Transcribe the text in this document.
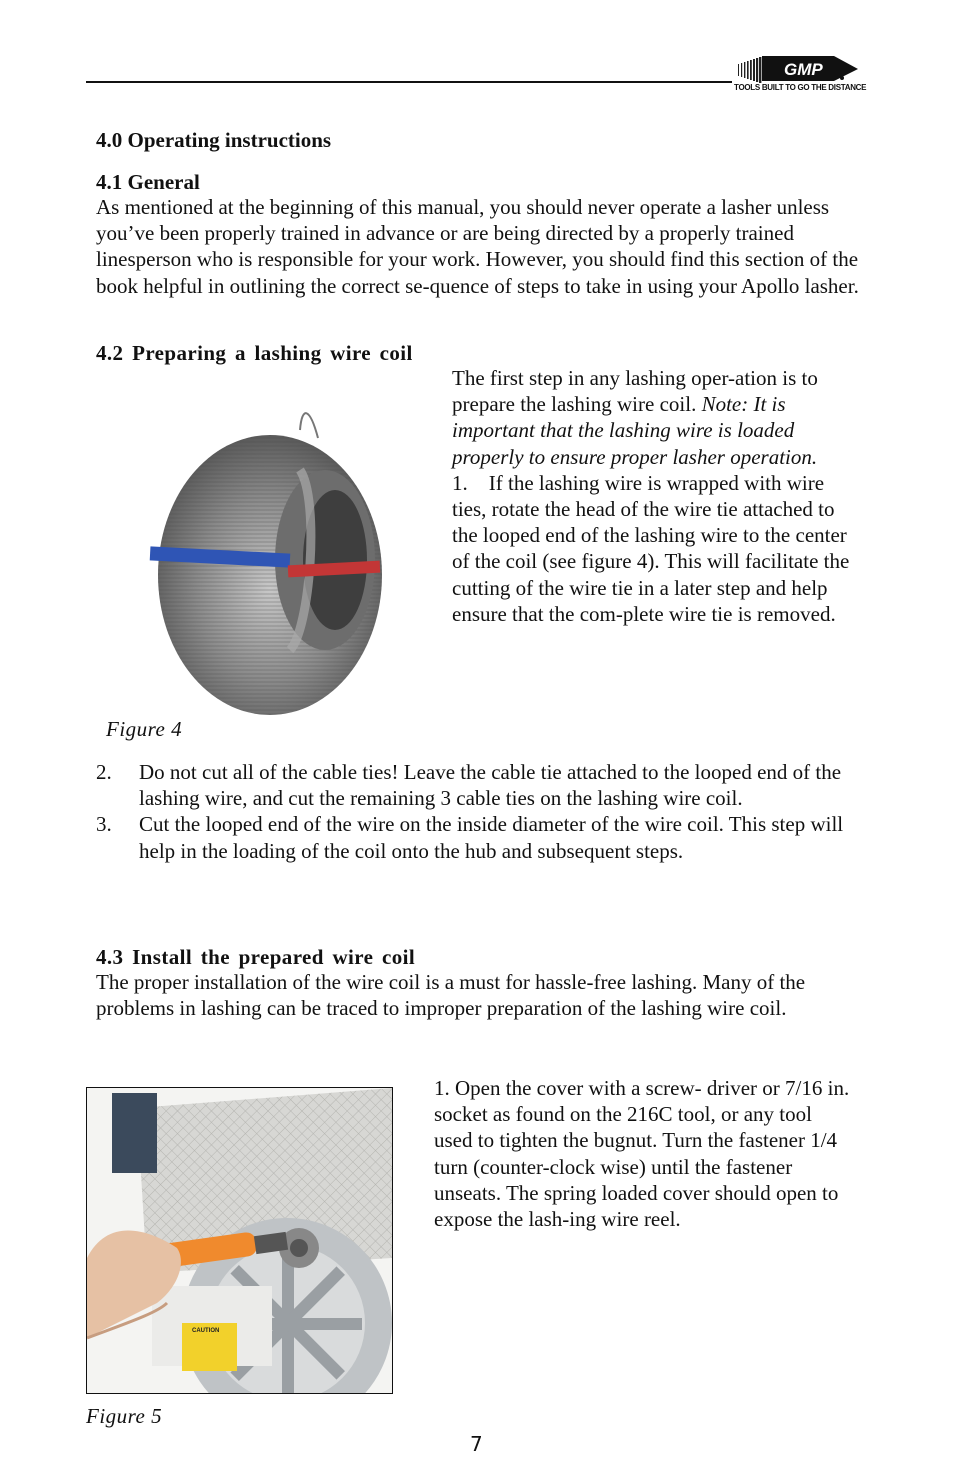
GMP
TOOLS BUILT TO GO THE DISTANCE
4.0 Operating instructions
4.1 General

As mentioned at the beginning of this manual, you should never operate a lasher unless you’ve been properly trained in advance or are being directed by a properly trained linesperson who is responsible for your work. However, you should find this section of the book helpful in outlining the correct se-quence of steps to take in using your Apollo lasher.

4.2 Preparing a lashing wire coil
Figure 4
The first step in any lashing oper-ation is to prepare the lashing wire coil. Note: It is important that the lashing wire is loaded properly to ensure proper lasher operation.
1. If the lashing wire is wrapped with wire ties, rotate the head of the wire tie attached to the looped end of the lashing wire to the center of the coil (see figure 4). This will facilitate the cutting of the wire tie in a later step and help ensure that the com-plete wire tie is removed.
2. Do not cut all of the cable ties! Leave the cable tie attached to the looped end of the lashing wire, and cut the remaining 3 cable ties on the lashing wire coil.
3. Cut the looped end of the wire on the inside diameter of the wire coil. This step will help in the loading of the coil onto the hub and subsequent steps.
4.3 Install the prepared wire coil

The proper installation of the wire coil is a must for hassle-free lashing. Many of the problems in lashing can be traced to improper preparation of the lashing wire coil.

CAUTION
1. Open the cover with a screw- driver or 7/16 in. socket as found on the 216C tool, or any tool used to tighten the bugnut. Turn the fastener 1/4 turn (counter-clock wise) until the fastener unseats. The spring loaded cover should open to expose the lash-ing wire reel.
Figure 5
7
